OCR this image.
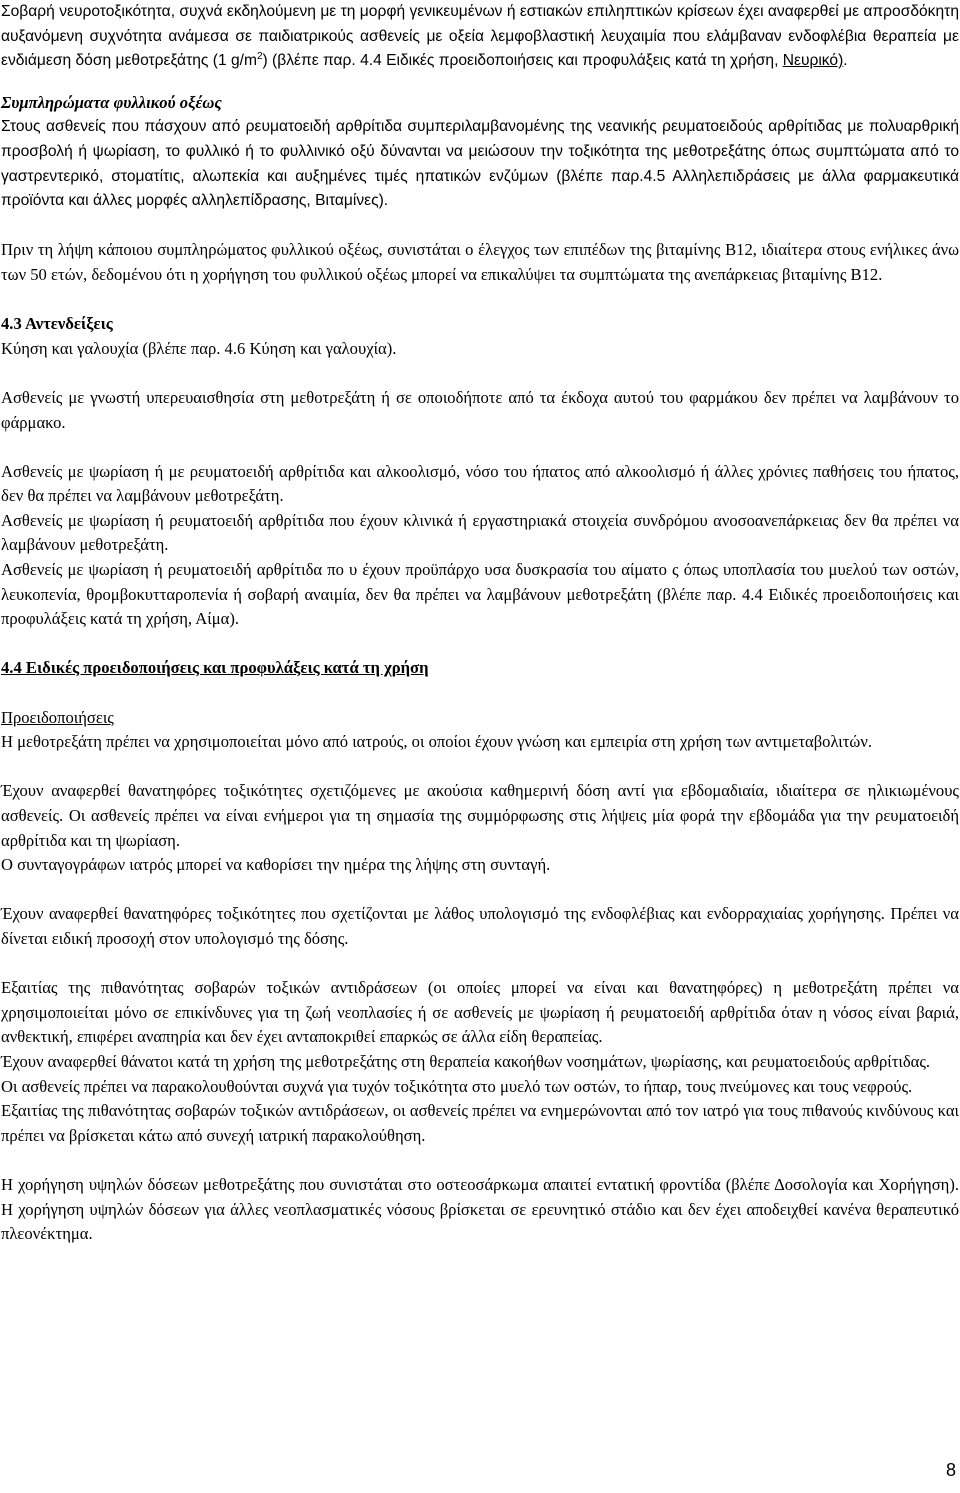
Σοβαρή νευροτοξικότητα, συχνά εκδηλούμενη με τη μορφή γενικευμένων ή εστιακών επιληπτικών κρίσεων έχει αναφερθεί με απροσδόκητη αυξανόμενη συχνότητα ανάμεσα σε παιδιατρικούς ασθενείς με οξεία λεμφοβλαστική λευχαιμία που ελάμβαναν ενδοφλέβια θεραπεία με ενδιάμεση δόση μεθοτρεξάτης (1 $g/m^2$) (βλέπε παρ. 4.4 Ειδικές προειδοποιήσεις και προφυλάξεις κατά τη χρήση, Νευρικό).

Συμπληρώματα φυλλικού οξέως

Στους ασθενείς που πάσχουν από ρευματοειδή αρθρίτιδα συμπεριλαμβανομένης της νεανικής ρευματοειδούς αρθρίτιδας με πολυαρθρική προσβολή ή ψωρίαση, το φυλλικό ή το φυλλινικό οξύ δύνανται να μειώσουν την τοξικότητα της μεθοτρεξάτης όπως συμπτώματα από το γαστρεντερικό, στοματίτις, αλωπεκία και αυξημένες τιμές ηπατικών ενζύμων (βλέπε παρ.4.5 Αλληλεπιδράσεις με άλλα φαρμακευτικά προϊόντα και άλλες μορφές αλληλεπίδρασης, Βιταμίνες).

Πριν τη λήψη κάποιου συμπληρώματος φυλλικού οξέως, συνιστάται ο έλεγχος των επιπέδων της βιταμίνης Β12, ιδιαίτερα στους ενήλικες άνω των 50 ετών, δεδομένου ότι η χορήγηση του φυλλικού οξέως μπορεί να επικαλύψει τα συμπτώματα της ανεπάρκειας βιταμίνης Β12.

4.3 Αντενδείξεις

Κύηση και γαλουχία (βλέπε παρ. 4.6 Κύηση και γαλουχία).

Ασθενείς με γνωστή υπερευαισθησία στη μεθοτρεξάτη ή σε οποιοδήποτε από τα έκδοχα αυτού του φαρμάκου δεν πρέπει να λαμβάνουν το φάρμακο.

Ασθενείς με ψωρίαση ή με ρευματοειδή αρθρίτιδα και αλκοολισμό, νόσο του ήπατος από αλκοολισμό ή άλλες χρόνιες παθήσεις του ήπατος, δεν θα πρέπει να λαμβάνουν μεθοτρεξάτη.

Ασθενείς με ψωρίαση ή ρευματοειδή αρθρίτιδα που έχουν κλινικά ή εργαστηριακά στοιχεία συνδρόμου ανοσοανεπάρκειας δεν θα πρέπει να λαμβάνουν μεθοτρεξάτη.

Ασθενείς με ψωρίαση ή ρευματοειδή αρθρίτιδα πο υ έχουν προϋπάρχο υσα δυσκρασία του αίματο ς όπως υποπλασία του μυελού των οστών, λευκοπενία, θρομβοκυτταροπενία ή σοβαρή αναιμία, δεν θα πρέπει να λαμβάνουν μεθοτρεξάτη (βλέπε παρ. 4.4 Ειδικές προειδοποιήσεις και προφυλάξεις κατά τη χρήση, Αίμα).

4.4 Ειδικές προειδοποιήσεις και προφυλάξεις κατά τη χρήση

Προειδοποιήσεις

Η μεθοτρεξάτη πρέπει να χρησιμοποιείται μόνο από ιατρούς, οι οποίοι έχουν γνώση και εμπειρία στη χρήση των αντιμεταβολιτών.

Έχουν αναφερθεί θανατηφόρες τοξικότητες σχετιζόμενες με ακούσια καθημερινή δόση αντί για εβδομαδιαία, ιδιαίτερα σε ηλικιωμένους ασθενείς. Οι ασθενείς πρέπει να είναι ενήμεροι για τη σημασία της συμμόρφωσης στις λήψεις μία φορά την εβδομάδα για την ρευματοειδή αρθρίτιδα και τη ψωρίαση.

Ο συνταγογράφων ιατρός μπορεί να καθορίσει την ημέρα της λήψης στη συνταγή.

Έχουν αναφερθεί θανατηφόρες τοξικότητες που σχετίζονται με λάθος υπολογισμό της ενδοφλέβιας και ενδορραχιαίας χορήγησης. Πρέπει να δίνεται ειδική προσοχή στον υπολογισμό της δόσης.

Εξαιτίας της πιθανότητας σοβαρών τοξικών αντιδράσεων (οι οποίες μπορεί να είναι και θανατηφόρες) η μεθοτρεξάτη πρέπει να χρησιμοποιείται μόνο σε επικίνδυνες για τη ζωή νεοπλασίες ή σε ασθενείς με ψωρίαση ή ρευματοειδή αρθρίτιδα όταν η νόσος είναι βαριά, ανθεκτική, επιφέρει αναπηρία και δεν έχει ανταποκριθεί επαρκώς σε άλλα είδη θεραπείας.

Έχουν αναφερθεί θάνατοι κατά τη χρήση της μεθοτρεξάτης στη θεραπεία κακοήθων νοσημάτων, ψωρίασης, και ρευματοειδούς αρθρίτιδας.

Οι ασθενείς πρέπει να παρακολουθούνται συχνά για τυχόν τοξικότητα στο μυελό των οστών, το ήπαρ, τους πνεύμονες και τους νεφρούς.

Εξαιτίας της πιθανότητας σοβαρών τοξικών αντιδράσεων, οι ασθενείς πρέπει να ενημερώνονται από τον ιατρό για τους πιθανούς κινδύνους και πρέπει να βρίσκεται κάτω από συνεχή ιατρική παρακολούθηση.

Η χορήγηση υψηλών δόσεων μεθοτρεξάτης που συνιστάται στο οστεοσάρκωμα απαιτεί εντατική φροντίδα (βλέπε Δοσολογία και Χορήγηση). Η χορήγηση υψηλών δόσεων για άλλες νεοπλασματικές νόσους βρίσκεται σε ερευνητικό στάδιο και δεν έχει αποδειχθεί κανένα θεραπευτικό πλεονέκτημα.

8
